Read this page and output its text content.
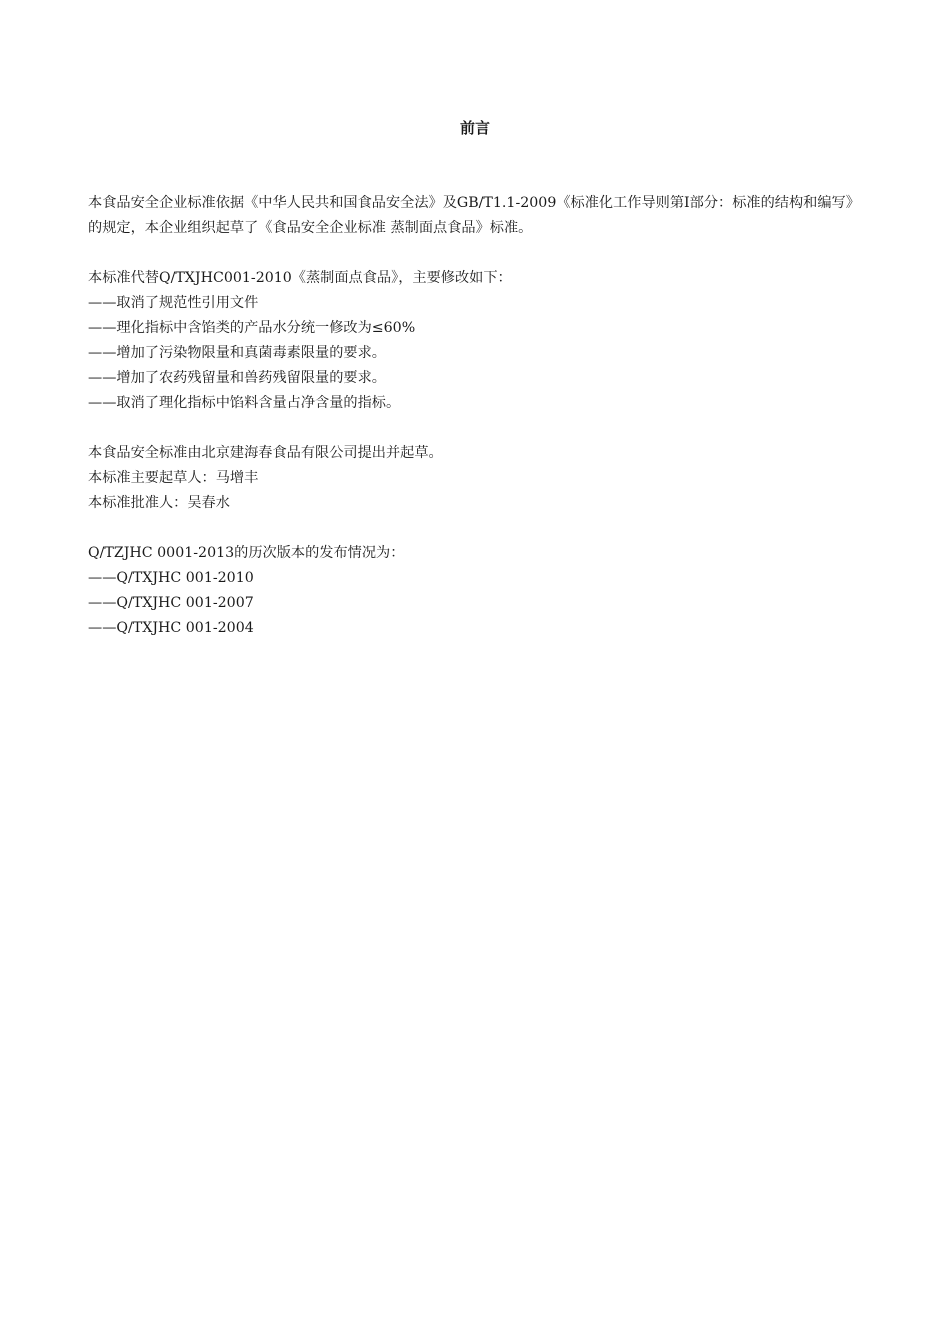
前言

本食品安全企业标准依据《中华人民共和国食品安全法》及GB/T1.1-2009《标准化工作导则第Ⅰ部分：标准的结构和编写》的规定，本企业组织起草了《食品安全企业标准 蒸制面点食品》标准。

本标准代替Q/TXJHC001-2010《蒸制面点食品》，主要修改如下：
——取消了规范性引用文件
——理化指标中含馅类的产品水分统一修改为≤60%
——增加了污染物限量和真菌毒素限量的要求。
——增加了农药残留量和兽药残留限量的要求。
——取消了理化指标中馅料含量占净含量的指标。
本食品安全标准由北京建海春食品有限公司提出并起草。
本标准主要起草人：马增丰
本标准批准人：吴春水
Q/TZJHC 0001-2013的历次版本的发布情况为：
——Q/TXJHC 001-2010
——Q/TXJHC 001-2007
——Q/TXJHC 001-2004
